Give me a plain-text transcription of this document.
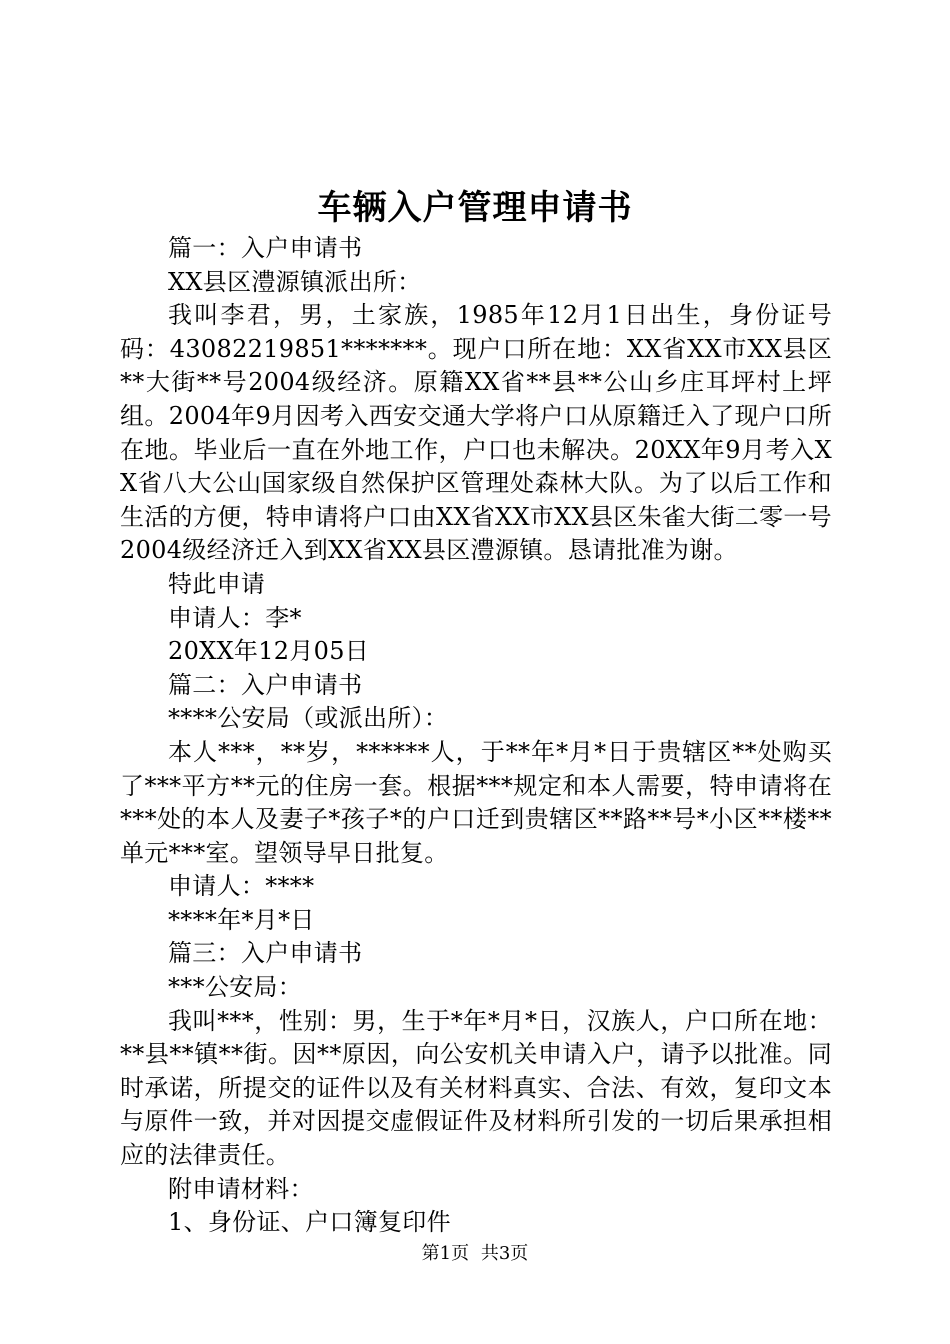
车辆入户管理申请书

篇一：入户申请书

XX县区澧源镇派出所：

我叫李君，男，土家族，1985年12月1日出生，身份证号码：43082219851*******。现户口所在地：XX省XX市XX县区**大街**号2004级经济。原籍XX省**县**公山乡庄耳坪村上坪组。2004年9月因考入西安交通大学将户口从原籍迁入了现户口所在地。毕业后一直在外地工作，户口也未解决。20XX年9月考入XX省八大公山国家级自然保护区管理处森林大队。为了以后工作和生活的方便，特申请将户口由XX省XX市XX县区朱雀大街二零一号2004级经济迁入到XX省XX县区澧源镇。恳请批准为谢。

特此申请

申请人：李*

20XX年12月05日

篇二：入户申请书

****公安局（或派出所）：

本人***，**岁，******人，于**年*月*日于贵辖区**处购买了***平方**元的住房一套。根据***规定和本人需要，特申请将在***处的本人及妻子*孩子*的户口迁到贵辖区**路**号*小区**楼**单元***室。望领导早日批复。

申请人：****

****年*月*日

篇三：入户申请书

***公安局：

我叫***，性别：男，生于*年*月*日，汉族人，户口所在地：**县**镇**街。因**原因，向公安机关申请入户，请予以批准。同时承诺，所提交的证件以及有关材料真实、合法、有效，复印文本与原件一致，并对因提交虚假证件及材料所引发的一切后果承担相应的法律责任。

附申请材料：

1、身份证、户口簿复印件

第1页 共3页
